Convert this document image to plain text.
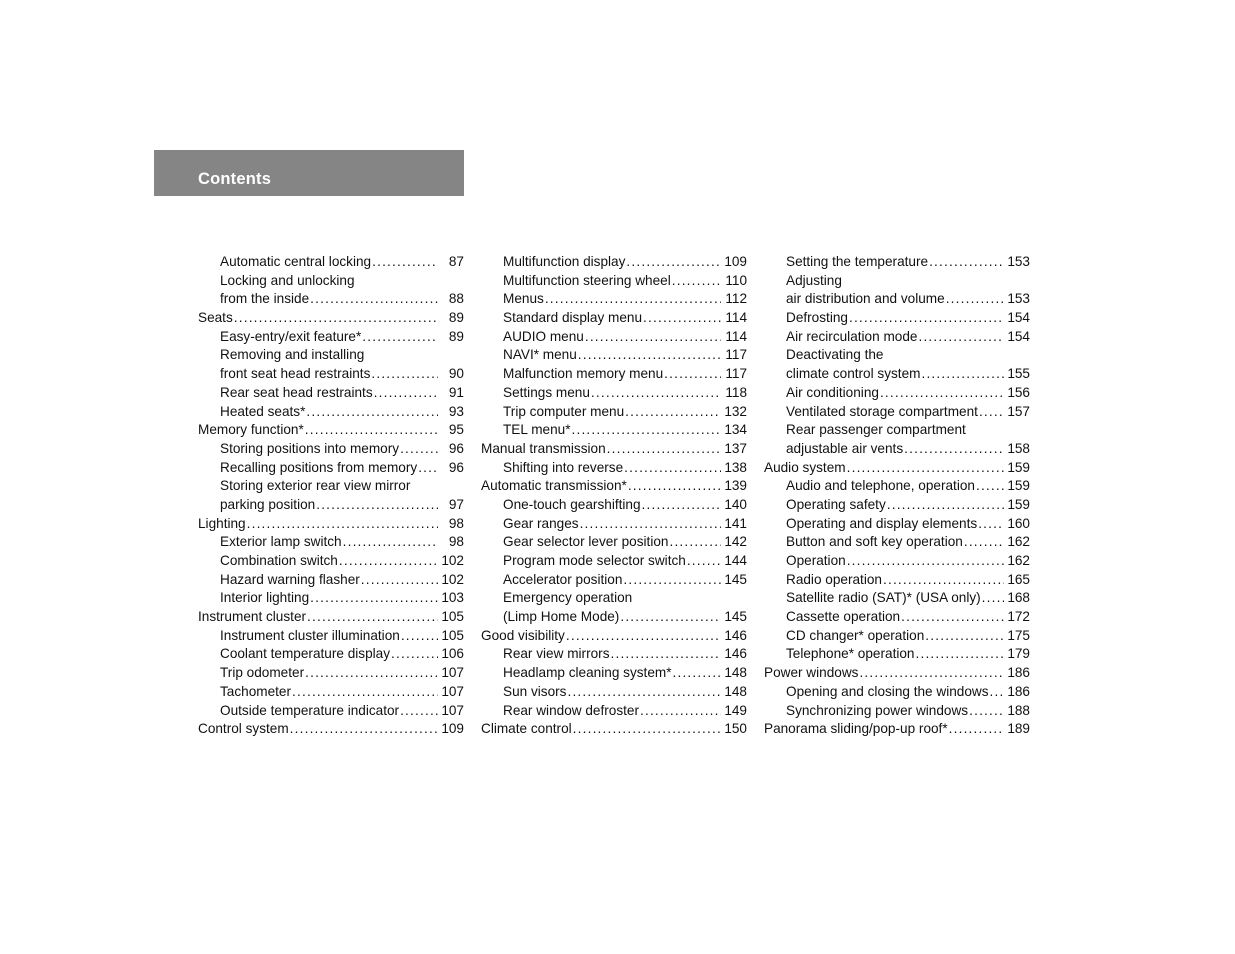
Contents
Automatic central locking .....	87
Locking and unlocking
from the inside .....	88
Seats .....	89
Easy-entry/exit feature* .....	89
Removing and installing
front seat head restraints .....	90
Rear seat head restraints .....	91
Heated seats* .....	93
Memory function* .....	95
Storing positions into memory .....	96
Recalling positions from memory .....	96
Storing exterior rear view mirror
parking position .....	97
Lighting .....	98
Exterior lamp switch .....	98
Combination switch .....	102
Hazard warning flasher .....	102
Interior lighting .....	103
Instrument cluster .....	105
Instrument cluster illumination .....	105
Coolant temperature display .....	106
Trip odometer .....	107
Tachometer .....	107
Outside temperature indicator .....	107
Control system .....	109
Multifunction display .....	109
Multifunction steering wheel .....	110
Menus .....	112
Standard display menu .....	114
AUDIO menu .....	114
NAVI* menu .....	117
Malfunction memory menu .....	117
Settings menu .....	118
Trip computer menu .....	132
TEL menu* .....	134
Manual transmission .....	137
Shifting into reverse .....	138
Automatic transmission* .....	139
One-touch gearshifting .....	140
Gear ranges .....	141
Gear selector lever position .....	142
Program mode selector switch .....	144
Accelerator position .....	145
Emergency operation
(Limp Home Mode) .....	145
Good visibility .....	146
Rear view mirrors .....	146
Headlamp cleaning system* .....	148
Sun visors .....	148
Rear window defroster .....	149
Climate control .....	150
Setting the temperature .....	153
Adjusting
air distribution and volume .....	153
Defrosting .....	154
Air recirculation mode .....	154
Deactivating the
climate control system .....	155
Air conditioning .....	156
Ventilated storage compartment ..... 157
Rear passenger compartment
adjustable air vents .....	158
Audio system .....	159
Audio and telephone, operation ..... 159
Operating safety .....	159
Operating and display elements ..... 160
Button and soft key operation .....	162
Operation .....	162
Radio operation .....	165
Satellite radio (SAT)* (USA only) ..... 168
Cassette operation .....	172
CD changer* operation .....	175
Telephone* operation .....	179
Power windows .....	186
Opening and closing the windows ..... 186
Synchronizing power windows .....	188
Panorama sliding/pop-up roof* .....	189
